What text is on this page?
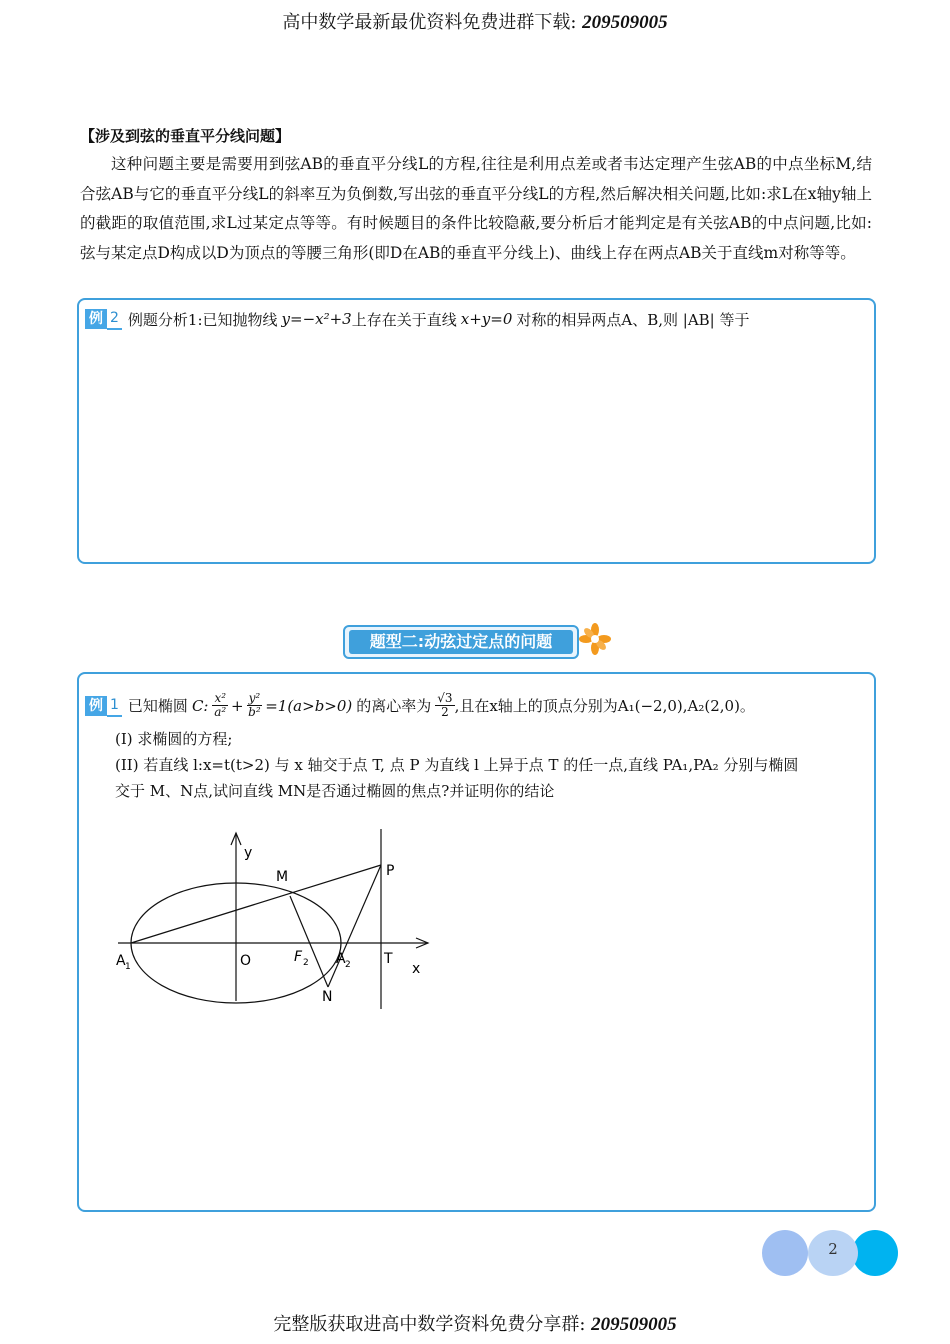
高中数学最新最优资料免费进群下载: 209509005
【涉及到弦的垂直平分线问题】
这种问题主要是需要用到弦AB的垂直平分线L的方程,往往是利用点差或者韦达定理产生弦AB的中点坐标M,结合弦AB与它的垂直平分线L的斜率互为负倒数,写出弦的垂直平分线L的方程,然后解决相关问题,比如:求L在x轴y轴上的截距的取值范围,求L过某定点等等。有时候题目的条件比较隐蔽,要分析后才能判定是有关弦AB的中点问题,比如:弦与某定点D构成以D为顶点的等腰三角形(即D在AB的垂直平分线上)、曲线上存在两点AB关于直线m对称等等。
例 2 例题分析1:已知抛物线 y=−x²+3 上存在关于直线 x+y=0 对称的相异两点A、B,则 |AB| 等于
题型二:动弦过定点的问题
例 1 已知椭圆 C: $\frac{\text{x²}}{\text{a²}} + \frac{\text{y²}}{\text{b²}} =1(a>b>0)$ 的离心率为 $\frac{√3}{2}$ ,且在x轴上的顶点分别为A₁(−2,0),A₂(2,0)。
(I) 求椭圆的方程;
(II) 若直线 l:x=t(t>2) 与 x 轴交于点 T, 点 P 为直线 l 上异于点 T 的任一点,直线 PA₁,PA₂ 分别与椭圆
交于 M、N点,试问直线 MN是否通过椭圆的焦点?并证明你的结论
y
x
O
M
N
P
T
A 1	A 2
F 2
2
完整版获取进高中数学资料免费分享群: 209509005
